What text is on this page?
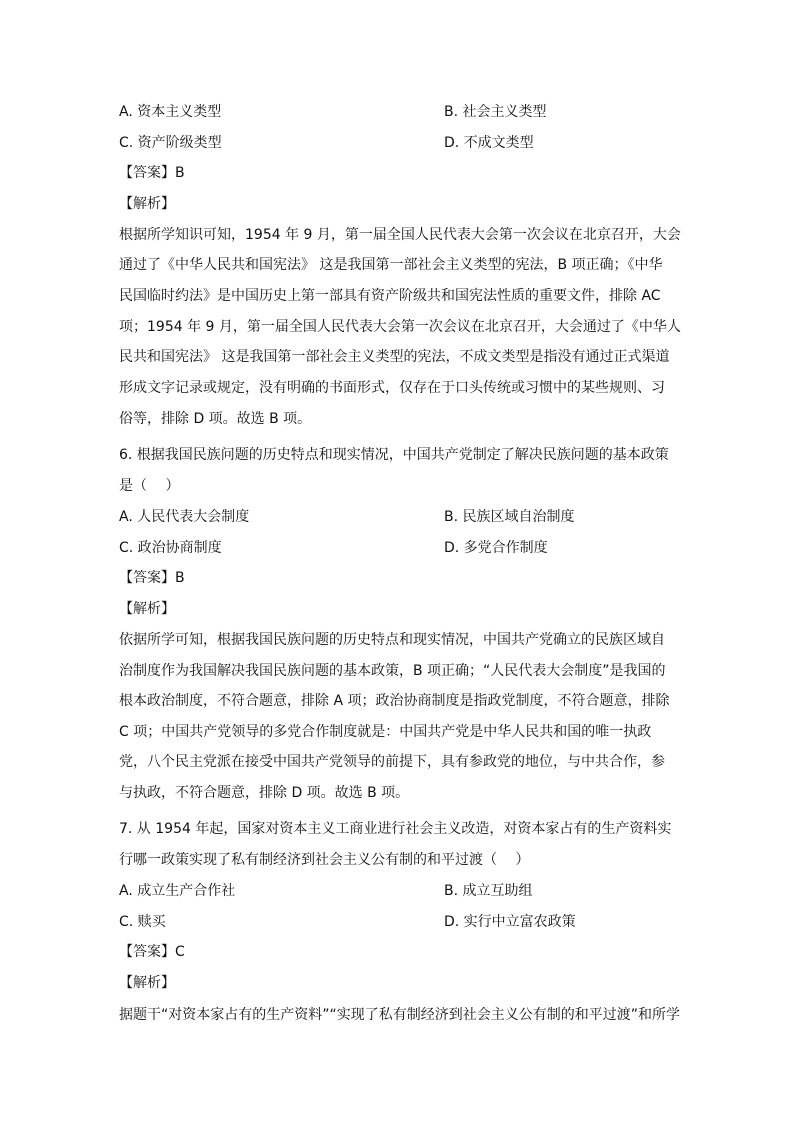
A. 资本主义类型	B. 社会主义类型
C. 资产阶级类型	D. 不成文类型
【答案】B
【解析】
根据所学知识可知，1954 年 9 月，第一届全国人民代表大会第一次会议在北京召开，大会
通过了《中华人民共和国宪法》 这是我国第一部社会主义类型的宪法，B 项正确；《中华
民国临时约法》是中国历史上第一部具有资产阶级共和国宪法性质的重要文件，排除 AC
项；1954 年 9 月，第一届全国人民代表大会第一次会议在北京召开，大会通过了《中华人
民共和国宪法》 这是我国第一部社会主义类型的宪法，不成文类型是指没有通过正式渠道
形成文字记录或规定，没有明确的书面形式，仅存在于口头传统或习惯中的某些规则、习
俗等，排除 D 项。故选 B 项。
6. 根据我国民族问题的历史特点和现实情况，中国共产党制定了解决民族问题的基本政策
是（　 ）
A. 人民代表大会制度	B. 民族区域自治制度
C. 政治协商制度	D. 多党合作制度
【答案】B
【解析】
依据所学可知，根据我国民族问题的历史特点和现实情况，中国共产党确立的民族区域自
治制度作为我国解决我国民族问题的基本政策，B 项正确；“人民代表大会制度”是我国的
根本政治制度，不符合题意，排除 A 项；政治协商制度是指政党制度，不符合题意，排除
C 项；中国共产党领导的多党合作制度就是：中国共产党是中华人民共和国的唯一执政
党，八个民主党派在接受中国共产党领导的前提下，具有参政党的地位，与中共合作，参
与执政，不符合题意，排除 D 项。故选 B 项。
7. 从 1954 年起，国家对资本主义工商业进行社会主义改造，对资本家占有的生产资料实
行哪一政策实现了私有制经济到社会主义公有制的和平过渡（　 ）
A. 成立生产合作社	B. 成立互助组
C. 赎买	D. 实行中立富农政策
【答案】C
【解析】
据题干“对资本家占有的生产资料”“实现了私有制经济到社会主义公有制的和平过渡”和所学
